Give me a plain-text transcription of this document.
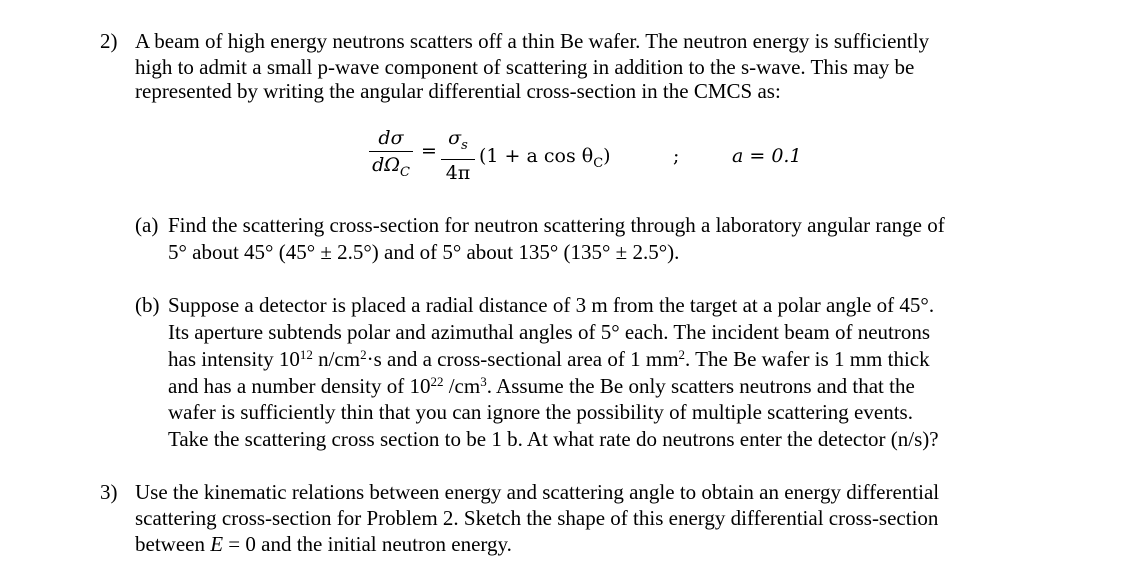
2) A beam of high energy neutrons scatters off a thin Be wafer. The neutron energy is sufficiently
high to admit a small p-wave component of scattering in addition to the s-wave. This may be
represented by writing the angular differential cross-section in the CMCS as:
dσ
$d\Omega_C$
=
$\sigma_s$
4π
(1 + a $\cos \theta_C$)	;	a = 0.1
(a) Find the scattering cross-section for neutron scattering through a laboratory angular range of
5° about 45° (45° ± 2.5°) and of 5° about 135° (135° ± 2.5°).
(b) Suppose a detector is placed a radial distance of 3 m from the target at a polar angle of 45°.
Its aperture subtends polar and azimuthal angles of 5° each. The incident beam of neutrons
has intensity $10^{12}$ $n/cm^2\cdot s$ and a cross-sectional area of 1 $mm^2$. The Be wafer is 1 mm thick
and has a number density of $10^{22}$ $/cm^3$. Assume the Be only scatters neutrons and that the
wafer is sufficiently thin that you can ignore the possibility of multiple scattering events.
Take the scattering cross section to be 1 b. At what rate do neutrons enter the detector (n/s)?
3) Use the kinematic relations between energy and scattering angle to obtain an energy differential
scattering cross-section for Problem 2. Sketch the shape of this energy differential cross-section
between E = 0 and the initial neutron energy.
